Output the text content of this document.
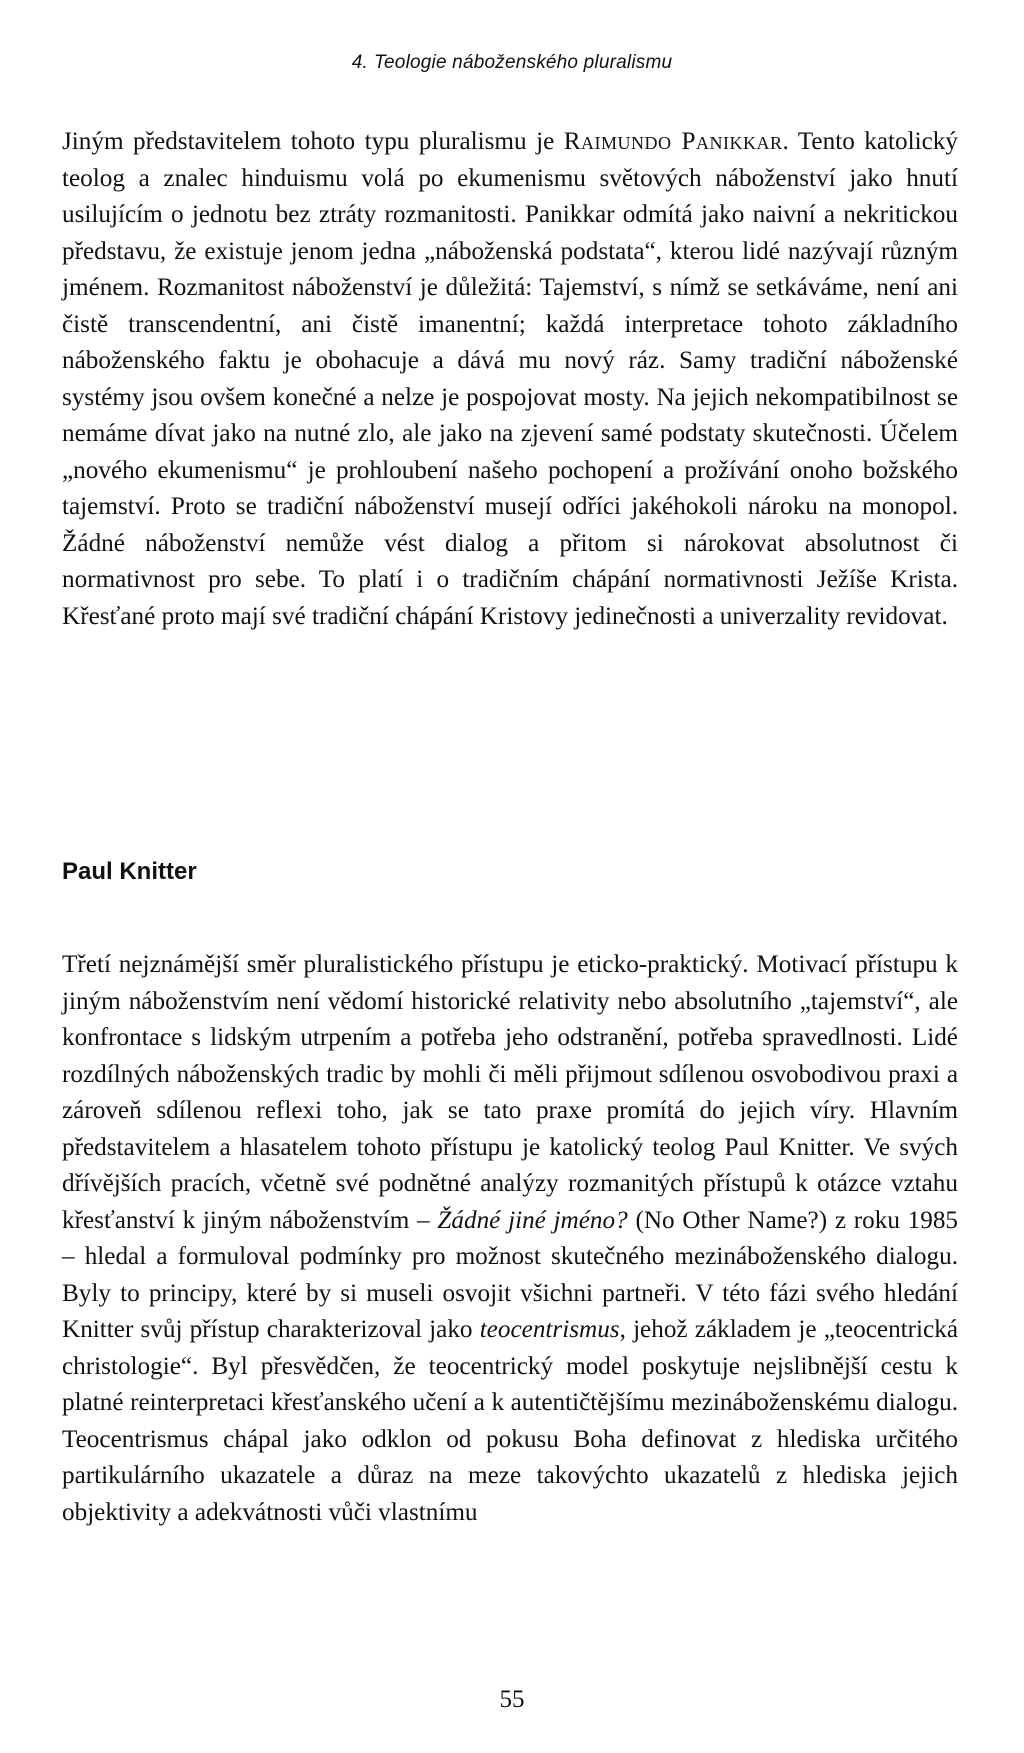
4. Teologie náboženského pluralismu

Jiným představitelem tohoto typu pluralismu je Raimundo Panikkar. Tento katolický teolog a znalec hinduismu volá po ekumenismu světových náboženství jako hnutí usilujícím o jednotu bez ztráty rozmanitosti. Panikkar odmítá jako naivní a nekritickou představu, že existuje jenom jedna „náboženská podstata“, kterou lidé nazývají různým jménem. Rozmanitost náboženství je důležitá: Tajemství, s nímž se setkáváme, není ani čistě transcendentní, ani čistě imanentní; každá interpretace tohoto základního náboženského faktu je obohacuje a dává mu nový ráz. Samy tradiční náboženské systémy jsou ovšem konečné a nelze je pospojovat mosty. Na jejich nekompatibilnost se nemáme dívat jako na nutné zlo, ale jako na zjevení samé podstaty skutečnosti. Účelem „nového ekumenismu“ je prohloubení našeho pochopení a prožívání onoho božského tajemství. Proto se tradiční náboženství musejí odříci jakéhokoli nároku na monopol. Žádné náboženství nemůže vést dialog a přitom si nárokovat absolutnost či normativnost pro sebe. To platí i o tradičním chápání normativnosti Ježíše Krista. Křesťané proto mají své tradiční chápání Kristovy jedinečnosti a univerzality revidovat.

Paul Knitter

Třetí nejznámější směr pluralistického přístupu je eticko-praktický. Motivací přístupu k jiným náboženstvím není vědomí historické relativity nebo absolutního „tajemství“, ale konfrontace s lidským utrpením a potřeba jeho odstranění, potřeba spravedlnosti. Lidé rozdílných náboženských tradic by mohli či měli přijmout sdílenou osvobodivou praxi a zároveň sdílenou reflexi toho, jak se tato praxe promítá do jejich víry. Hlavním představitelem a hlasatelem tohoto přístupu je katolický teolog Paul Knitter. Ve svých dřívějších pracích, včetně své podnětné analýzy rozmanitých přístupů k otázce vztahu křesťanství k jiným náboženstvím – Žádné jiné jméno? (No Other Name?) z roku 1985 – hledal a formuloval podmínky pro možnost skutečného mezináboženského dialogu. Byly to principy, které by si museli osvojit všichni partneři. V této fázi svého hledání Knitter svůj přístup charakterizoval jako teocentrismus, jehož základem je „teocentrická christologie“. Byl přesvědčen, že teocentrický model poskytuje nejslibnější cestu k platné reinterpretaci křesťanského učení a k autentičtějšímu mezináboženskému dialogu. Teocentrismus chápal jako odklon od pokusu Boha definovat z hlediska určitého partikulárního ukazatele a důraz na meze takovýchto ukazatelů z hlediska jejich objektivity a adekvátnosti vůči vlastnímu

55
